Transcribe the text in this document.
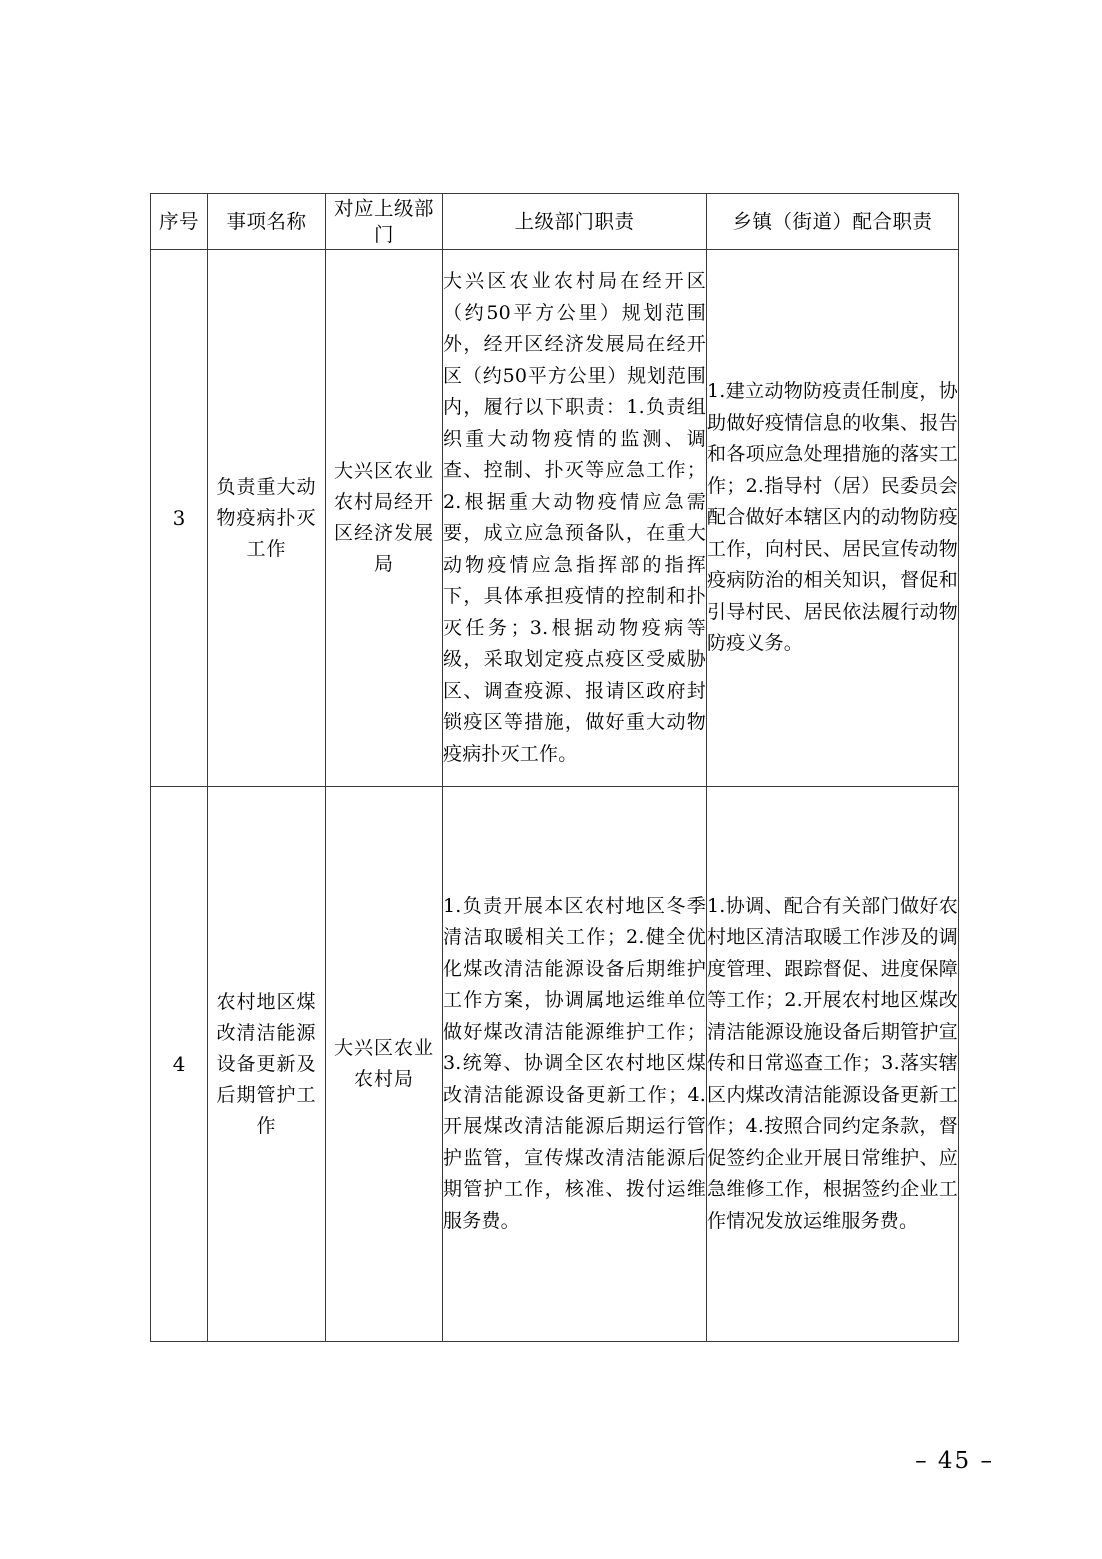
序号	事项名称	对应上级部门	上级部门职责	乡镇（街道）配合职责
3	负责重大动物疫病扑灭工作	大兴区农业农村局经开区经济发展局	大兴区农业农村局在经开区（约50平方公里）规划范围外，经开区经济发展局在经开区（约50平方公里）规划范围内，履行以下职责：1.负责组织重大动物疫情的监测、调查、控制、扑灭等应急工作；2.根据重大动物疫情应急需要，成立应急预备队，在重大动物疫情应急指挥部的指挥下，具体承担疫情的控制和扑灭任务；3.根据动物疫病等级，采取划定疫点疫区受威胁区、调查疫源、报请区政府封锁疫区等措施，做好重大动物疫病扑灭工作。	1.建立动物防疫责任制度，协助做好疫情信息的收集、报告和各项应急处理措施的落实工作；2.指导村（居）民委员会配合做好本辖区内的动物防疫工作，向村民、居民宣传动物疫病防治的相关知识，督促和引导村民、居民依法履行动物防疫义务。
4	农村地区煤改清洁能源设备更新及后期管护工作	大兴区农业农村局	1.负责开展本区农村地区冬季清洁取暖相关工作；2.健全优化煤改清洁能源设备后期维护工作方案，协调属地运维单位做好煤改清洁能源维护工作；3.统筹、协调全区农村地区煤改清洁能源设备更新工作；4.开展煤改清洁能源后期运行管护监管，宣传煤改清洁能源后期管护工作，核准、拨付运维服务费。	1.协调、配合有关部门做好农村地区清洁取暖工作涉及的调度管理、跟踪督促、进度保障等工作；2.开展农村地区煤改清洁能源设施设备后期管护宣传和日常巡查工作；3.落实辖区内煤改清洁能源设备更新工作；4.按照合同约定条款，督促签约企业开展日常维护、应急维修工作，根据签约企业工作情况发放运维服务费。
– 45 –
